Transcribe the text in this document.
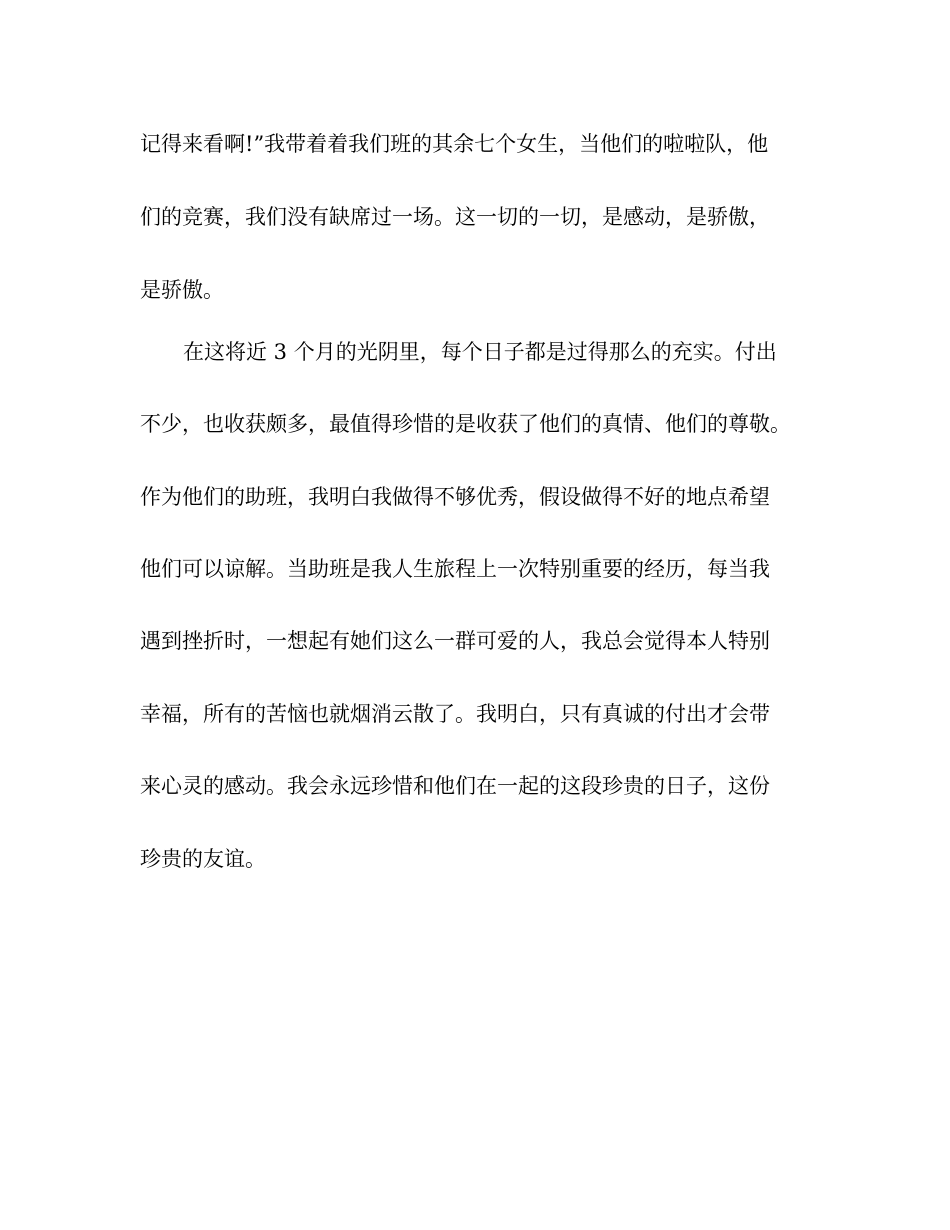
记得来看啊!”我带着着我们班的其余七个女生，当他们的啦啦队，他
们的竞赛，我们没有缺席过一场。这一切的一切，是感动，是骄傲，
是骄傲。
在这将近 3 个月的光阴里，每个日子都是过得那么的充实。付出
不少，也收获颇多，最值得珍惜的是收获了他们的真情、他们的尊敬。
作为他们的助班，我明白我做得不够优秀，假设做得不好的地点希望
他们可以谅解。当助班是我人生旅程上一次特别重要的经历，每当我
遇到挫折时，一想起有她们这么一群可爱的人，我总会觉得本人特别
幸福，所有的苦恼也就烟消云散了。我明白，只有真诚的付出才会带
来心灵的感动。我会永远珍惜和他们在一起的这段珍贵的日子，这份
珍贵的友谊。
